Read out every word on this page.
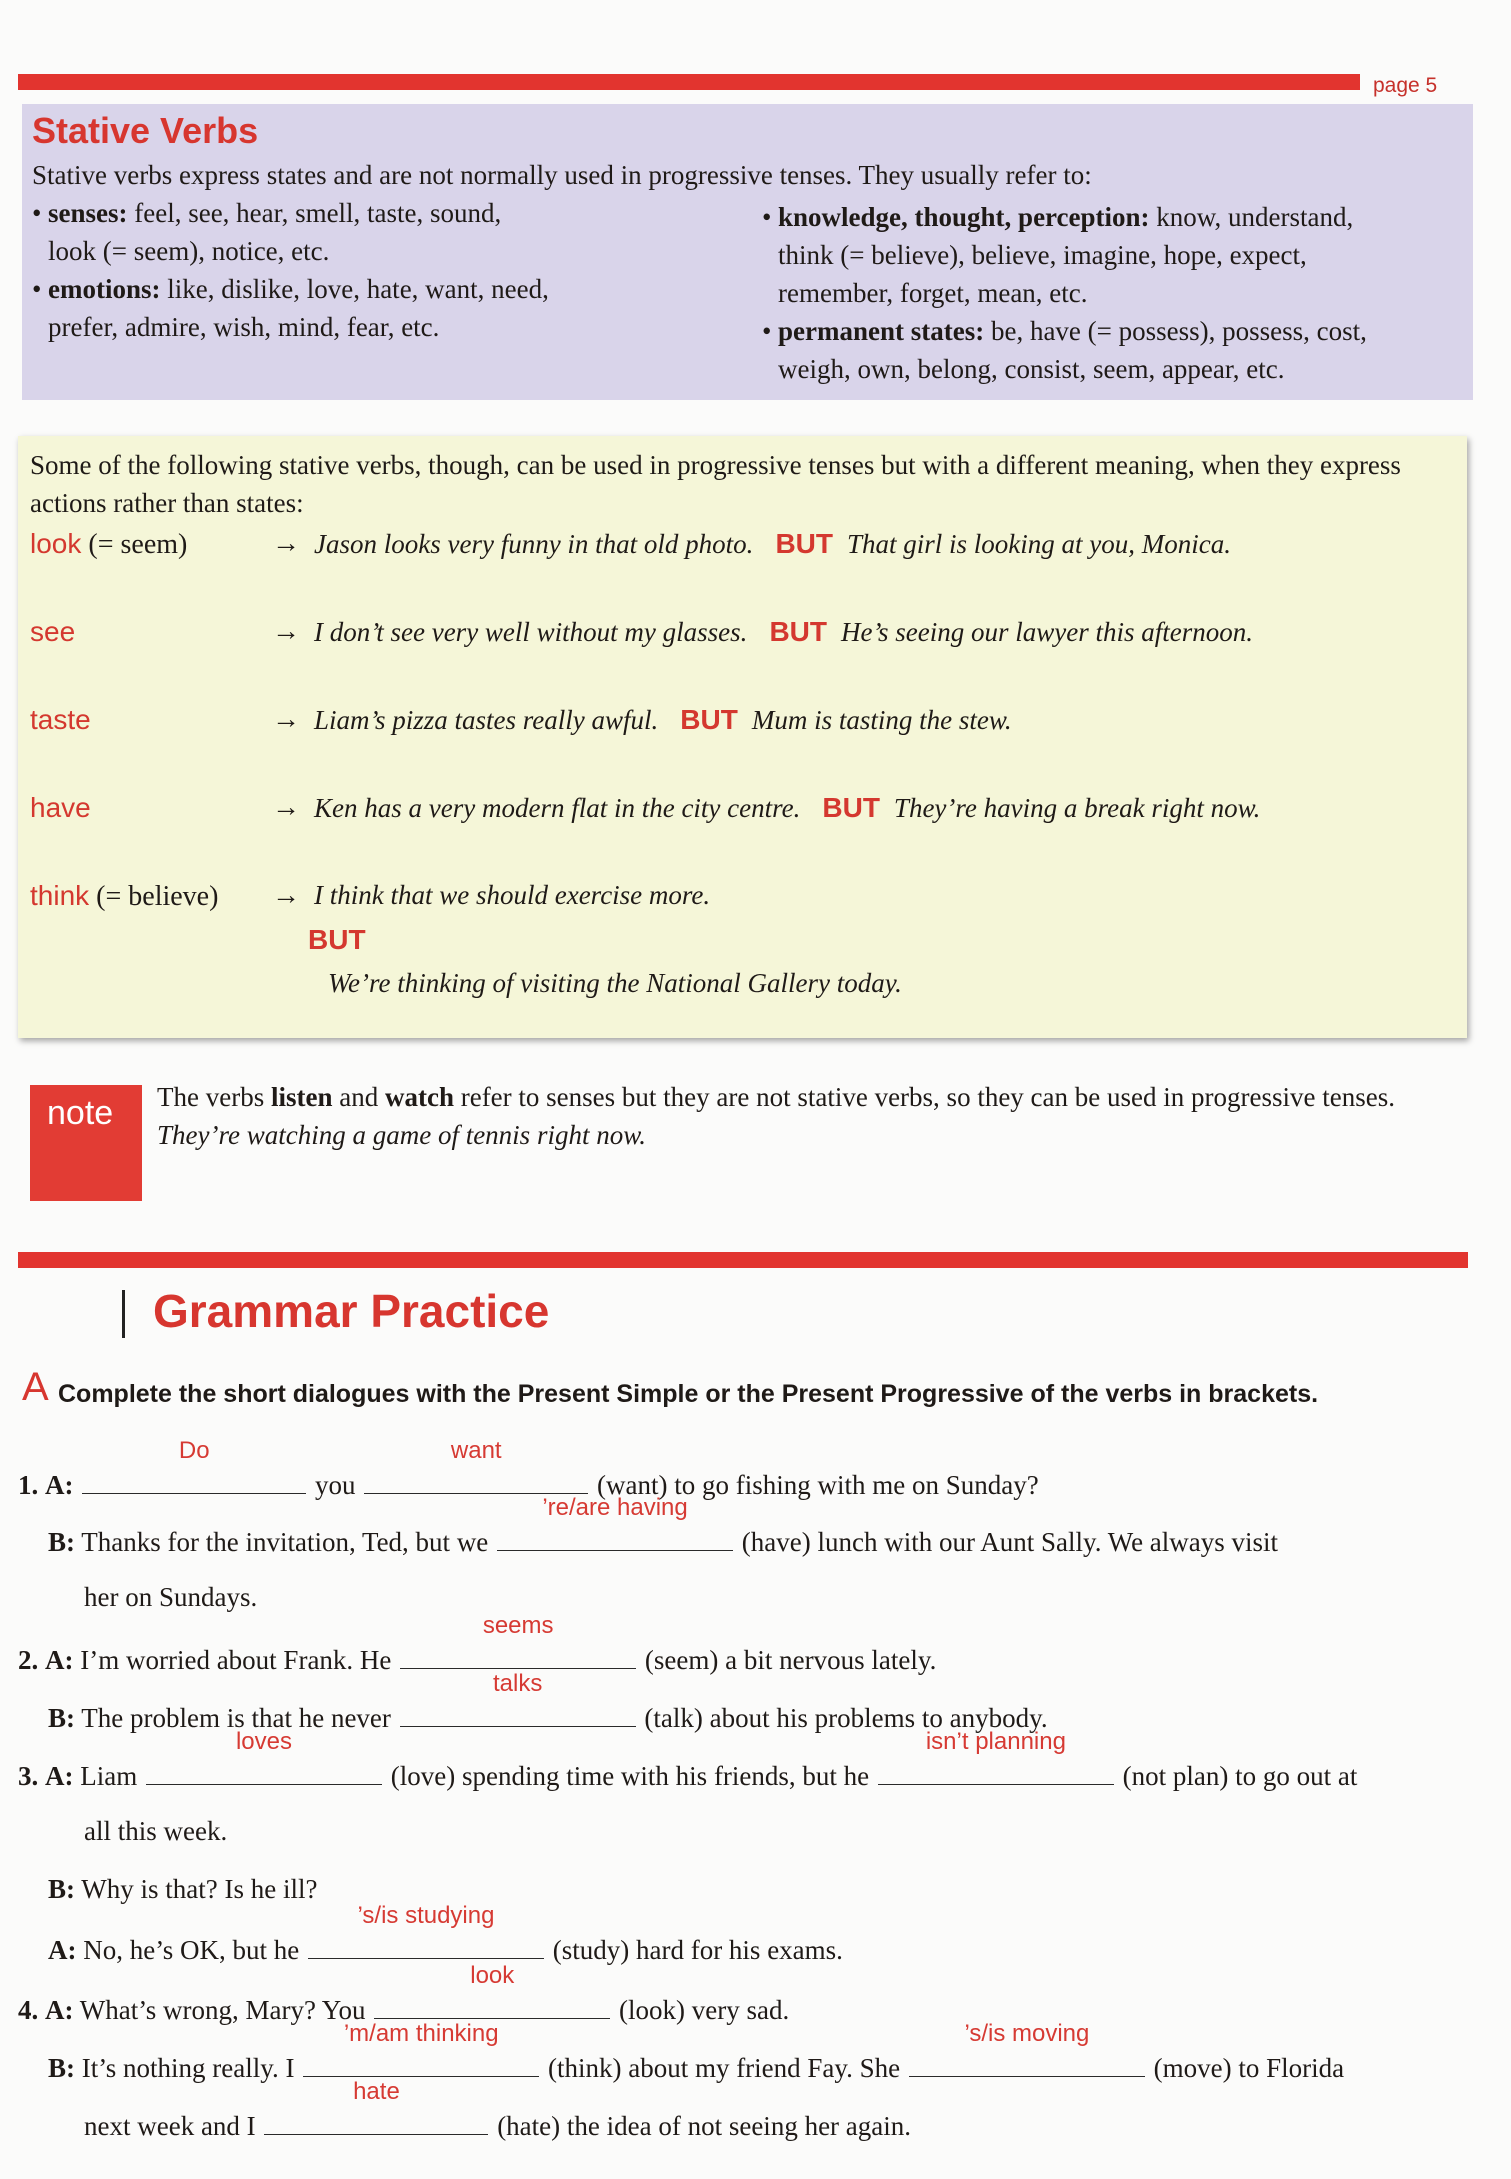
page 5
Stative Verbs
Stative verbs express states and are not normally used in progressive tenses. They usually refer to:
• senses: feel, see, hear, smell, taste, sound,
look (= seem), notice, etc.
• emotions: like, dislike, love, hate, want, need,
prefer, admire, wish, mind, fear, etc.
• knowledge, thought, perception: know, understand,
think (= believe), believe, imagine, hope, expect,
remember, forget, mean, etc.
• permanent states: be, have (= possess), possess, cost,
weigh, own, belong, consist, seem, appear, etc.
Some of the following stative verbs, though, can be used in progressive tenses but with a different meaning, when they express actions rather than states:
look (= seem)	→ Jason looks very funny in that old photo. BUT That girl is looking at you, Monica.
see	→ I don’t see very well without my glasses. BUT He’s seeing our lawyer this afternoon.
taste	→ Liam’s pizza tastes really awful. BUT Mum is tasting the stew.
have	→ Ken has a very modern flat in the city centre. BUT They’re having a break right now.
think (= believe) → I think that we should exercise more.
BUT
We’re thinking of visiting the National Gallery today.
note The verbs listen and watch refer to senses but they are not stative verbs, so they can be used in progressive tenses.
They’re watching a game of tennis right now.
Grammar Practice
A Complete the short dialogues with the Present Simple or the Present Progressive of the verbs in brackets.
1. A:
Do
you
want
(want) to go fishing with me on Sunday?
B: Thanks for the invitation, Ted, but we
’re/are having
(have) lunch with our Aunt Sally. We always visit
her on Sundays.
2. A: I’m worried about Frank. He
seems
(seem) a bit nervous lately.
B: The problem is that he never
talks
(talk) about his problems to anybody.
3. A: Liam
loves
(love) spending time with his friends, but he
isn’t planning
(not plan) to go out at
all this week.
B: Why is that? Is he ill?
A: No, he’s OK, but he
’s/is studying
(study) hard for his exams.
4. A: What’s wrong, Mary? You
look
(look) very sad.
B: It’s nothing really. I
’m/am thinking
(think) about my friend Fay. She
’s/is moving
(move) to Florida
next week and I
hate
(hate) the idea of not seeing her again.
